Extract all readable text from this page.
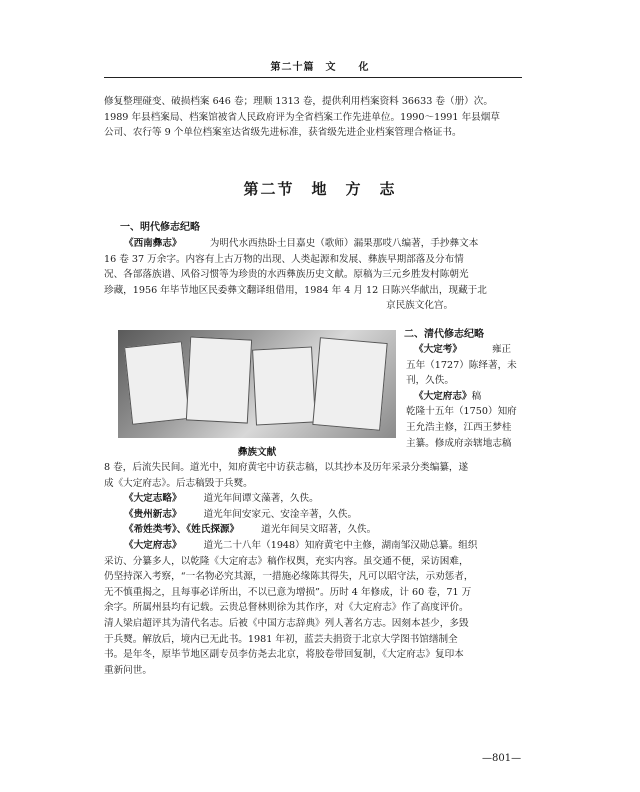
第二十篇　文　　化
修复整理碰变、破损档案 646 卷；理顺 1313 卷，提供利用档案资料 36633 卷（册）次。
1989 年县档案局、档案馆被省人民政府评为全省档案工作先进单位。1990～1991 年县烟草
公司、农行等 9 个单位档案室达省级先进标准，获省级先进企业档案管理合格证书。
第二节　地　方　志
一、明代修志纪略
《西南彝志》	为明代水西热卧土目嘉史（歌师）漏果那哎八编著，手抄彝文本
16 卷 37 万余字。内容有上古万物的出现、人类起源和发展、彝族早期部落及分布情
况、各部落族谱、风俗习惯等为珍贵的水西彝族历史文献。原稿为三元乡胜发村陈朝光
珍藏，1956 年毕节地区民委彝文翻译组借用，1984 年 4 月 12 日陈兴华献出，现藏于北
京民族文化宫。
二、清代修志纪略
《大定考》	雍正
五年（1727）陈绎著，未
刊，久佚。
《大定府志》稿
乾隆十五年（1750）知府
王允浩主修，江西王梦桂
主纂。修成府亲辖地志稿
彝族文献
8 卷，后流失民间。道光中，知府黄宅中访获志稿，以其抄本及历年采录分类编纂，遂
成《大定府志》。后志稿毁于兵燹。
《大定志略》 道光年间谭文藻著，久佚。
《贵州新志》 道光年间安家元、安淦辛著，久佚。
《希姓类考》、《姓氏探源》 道光年间吴文昭著，久佚。
《大定府志》 道光二十八年（1948）知府黄宅中主修，湖南邹汉勋总纂。组织
采访、分纂多人，以乾隆《大定府志》稿作权舆，充实内容。虽交通不便，采访困难，
仍坚持深入考察，“一名物必究其源，一措施必缘陈其得失，凡可以昭守法，示劝惩者，
无不慎重揭之，且每事必详所出，不以已意为增损”。历时 4 年修成，计 60 卷，71 万
余字。所属州县均有记载。云贵总督林则徐为其作序，对《大定府志》作了高度评价。
清人梁启超评其为清代名志。后被《中国方志辞典》列人著名方志。因刻本甚少，多毁
于兵燹。解放后，境内已无此书。1981 年初，蓝芸夫捐资于北京大学图书馆缮制全
书。是年冬，原毕节地区副专员李仿尧去北京，将胶卷带回复制，《大定府志》复印本
重新问世。
—801—
